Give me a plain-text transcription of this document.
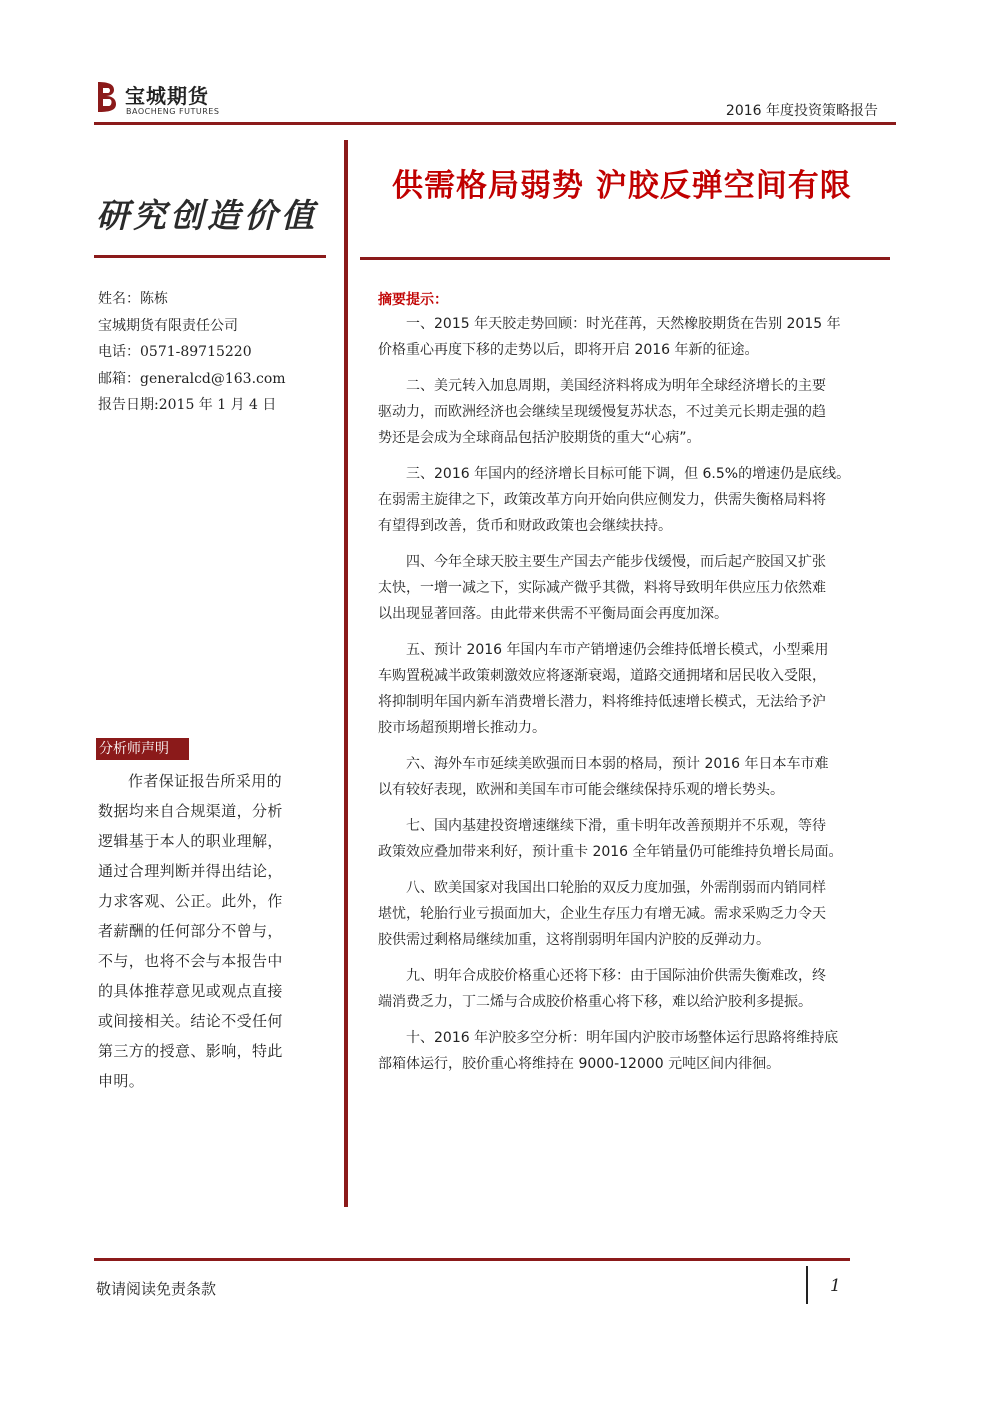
宝城期货
BAOCHENG FUTURES	2016 年度投资策略报告
研究创造价值
姓名：陈栋
宝城期货有限责任公司
电话：0571-89715220
邮箱：generalcd@163.com
报告日期:2015 年 1 月 4 日
分析师声明
作者保证报告所采用的
数据均来自合规渠道，分析
逻辑基于本人的职业理解，
通过合理判断并得出结论，
力求客观、公正。此外，作
者薪酬的任何部分不曾与，
不与，也将不会与本报告中
的具体推荐意见或观点直接
或间接相关。结论不受任何
第三方的授意、影响，特此
申明。
供需格局弱势 沪胶反弹空间有限
摘要提示：
一、2015 年天胶走势回顾：时光荏苒，天然橡胶期货在告别 2015 年
价格重心再度下移的走势以后，即将开启 2016 年新的征途。
二、美元转入加息周期，美国经济料将成为明年全球经济增长的主要
驱动力，而欧洲经济也会继续呈现缓慢复苏状态，不过美元长期走强的趋
势还是会成为全球商品包括沪胶期货的重大“心病”。
三、2016 年国内的经济增长目标可能下调，但 6.5%的增速仍是底线。
在弱需主旋律之下，政策改革方向开始向供应侧发力，供需失衡格局料将
有望得到改善，货币和财政政策也会继续扶持。
四、今年全球天胶主要生产国去产能步伐缓慢，而后起产胶国又扩张
太快，一增一减之下，实际减产微乎其微，料将导致明年供应压力依然难
以出现显著回落。由此带来供需不平衡局面会再度加深。
五、预计 2016 年国内车市产销增速仍会维持低增长模式，小型乘用
车购置税减半政策刺激效应将逐渐衰竭，道路交通拥堵和居民收入受限，
将抑制明年国内新车消费增长潜力，料将维持低速增长模式，无法给予沪
胶市场超预期增长推动力。
六、海外车市延续美欧强而日本弱的格局，预计 2016 年日本车市难
以有较好表现，欧洲和美国车市可能会继续保持乐观的增长势头。
七、国内基建投资增速继续下滑，重卡明年改善预期并不乐观，等待
政策效应叠加带来利好，预计重卡 2016 全年销量仍可能维持负增长局面。
八、欧美国家对我国出口轮胎的双反力度加强，外需削弱而内销同样
堪忧，轮胎行业亏损面加大，企业生存压力有增无减。需求采购乏力令天
胶供需过剩格局继续加重，这将削弱明年国内沪胶的反弹动力。
九、明年合成胶价格重心还将下移：由于国际油价供需失衡难改，终
端消费乏力，丁二烯与合成胶价格重心将下移，难以给沪胶利多提振。
十、2016 年沪胶多空分析：明年国内沪胶市场整体运行思路将维持底
部箱体运行，胶价重心将维持在 9000-12000 元吨区间内徘徊。
敬请阅读免责条款	1
